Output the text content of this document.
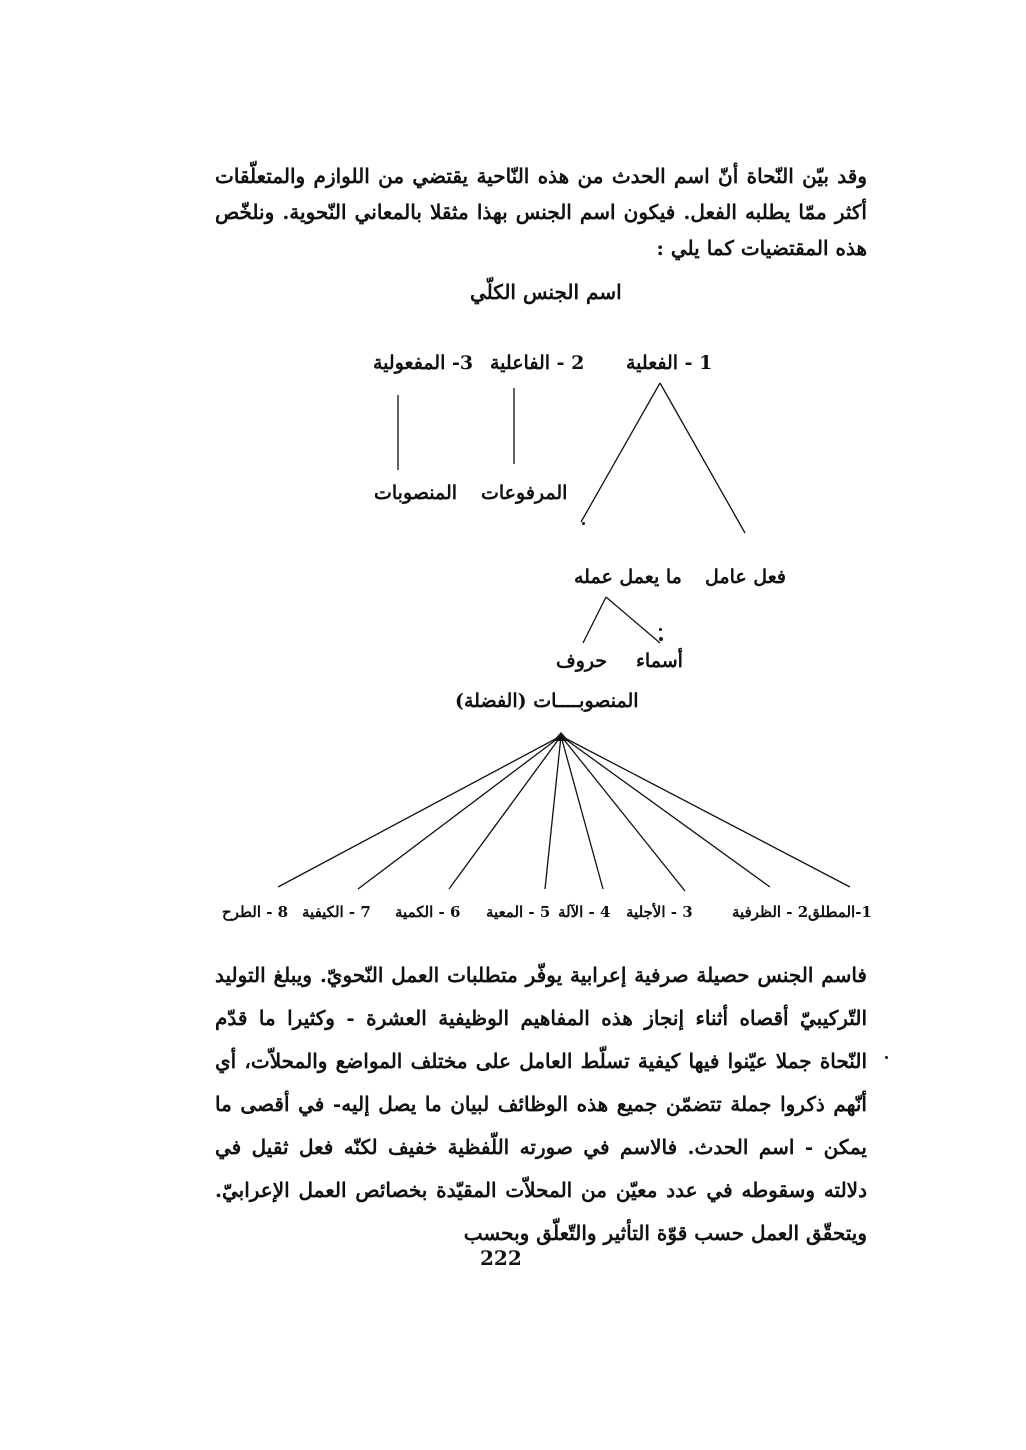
وقد بيّن النّحاة أنّ اسم الحدث من هذه النّاحية يقتضي من اللوازم والمتعلّقات أكثر ممّا يطلبه الفعل. فيكون اسم الجنس بهذا مثقلا بالمعاني النّحوية. ونلخّص هذه المقتضيات كما يلي :

اسم الجنس الكلّي
1 - الفعلية
2 - الفاعلية
3- المفعولية
المرفوعات
المنصوبات
فعل عامل
ما يعمل عمله
أسماء
حروف
المنصوبــــات (الفضلة)
1-المطلق
2 - الظرفية
3 - الأجلية
4 - الآلة
5 - المعية
6 - الكمية
7 - الكيفية
8 - الطرح

فاسم الجنس حصيلة صرفية إعرابية يوفّر متطلبات العمل النّحويّ. ويبلغ التوليد التّركيبيّ أقصاه أثناء إنجاز هذه المفاهيم الوظيفية العشرة - وكثيرا ما قدّم النّحاة جملا عيّنوا فيها كيفية تسلّط العامل على مختلف المواضع والمحلاّت، أي أنّهم ذكروا جملة تتضمّن جميع هذه الوظائف لبيان ما يصل إليه- في أقصى ما يمكن - اسم الحدث. فالاسم في صورته اللّفظية خفيف لكنّه فعل ثقيل في دلالته وسقوطه في عدد معيّن من المحلاّت المقيّدة بخصائص العمل الإعرابيّ. ويتحقّق العمل حسب قوّة التأثير والتّعلّق وبحسب

222
